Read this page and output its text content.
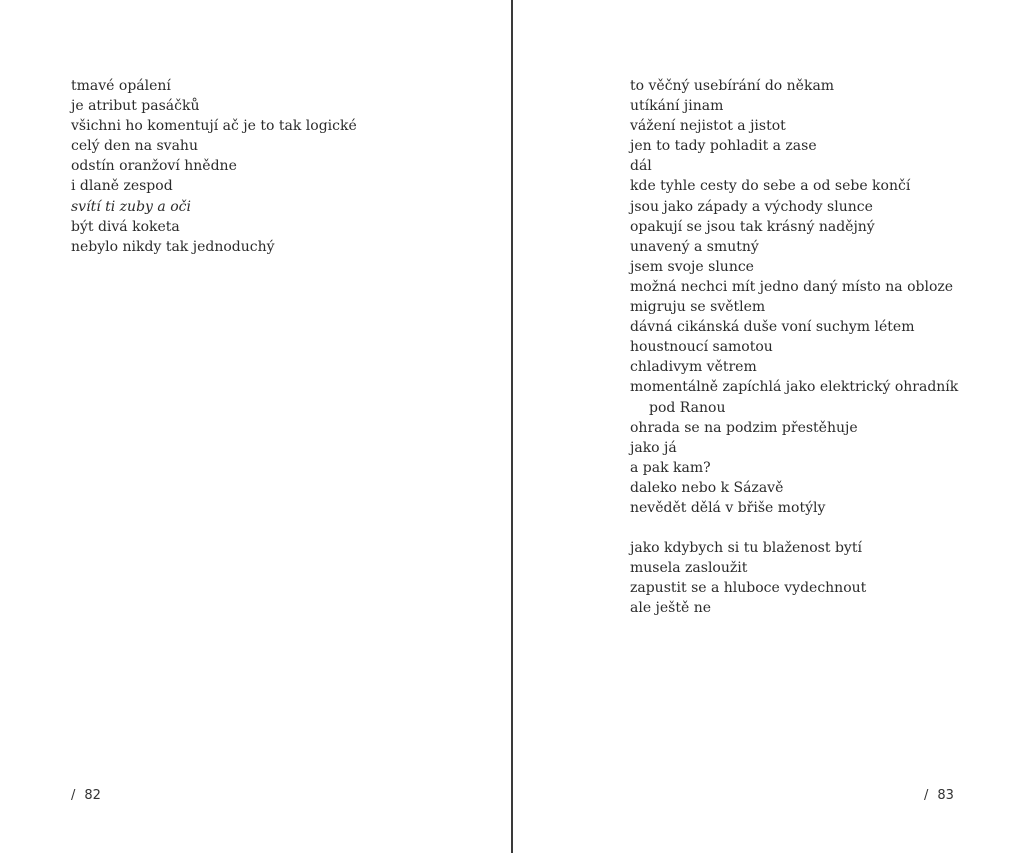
tmavé opálení
je atribut pasáčků
všichni ho komentují ač je to tak logické
celý den na svahu
odstín oranžoví hnědne
i dlaně zespod
svítí ti zuby a oči
být divá koketa
nebylo nikdy tak jednoduchý
/ 82
to věčný usebírání do někam
utíkání jinam
vážení nejistot a jistot
jen to tady pohladit a zase
dál
kde tyhle cesty do sebe a od sebe končí
jsou jako západy a východy slunce
opakují se jsou tak krásný nadějný
unavený a smutný
jsem svoje slunce
možná nechci mít jedno daný místo na obloze
migruju se světlem
dávná cikánská duše voní suchym létem
houstnoucí samotou
chladivym větrem
momentálně zapíchlá jako elektrický ohradník
pod Ranou
ohrada se na podzim přestěhuje
jako já
a pak kam?
daleko nebo k Sázavě
nevědět dělá v břiše motýly
jako kdybych si tu blaženost bytí
musela zasloužit
zapustit se a hluboce vydechnout
ale ještě ne
/ 83
